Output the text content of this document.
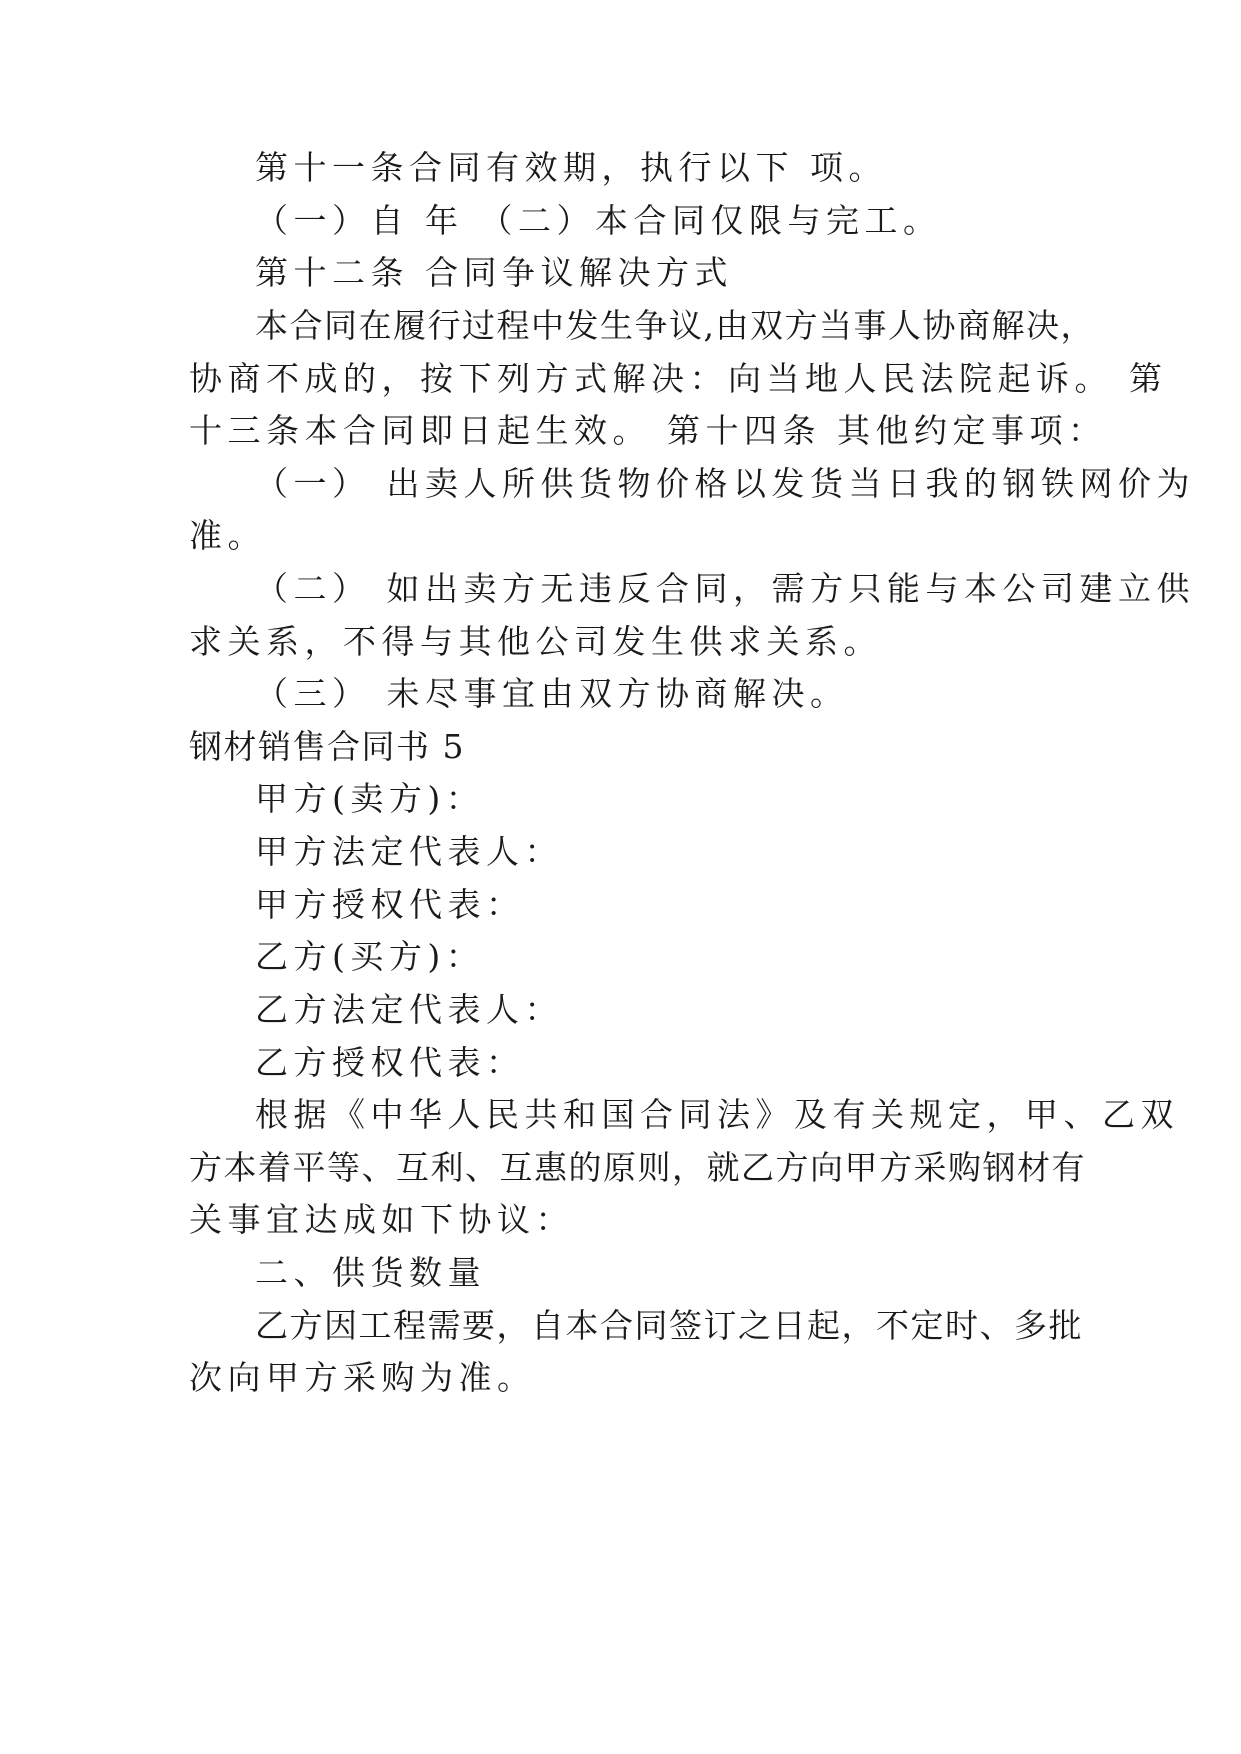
第十一条合同有效期，执行以下 项。
（一）自 年 （二）本合同仅限与完工。
第十二条 合同争议解决方式
本合同在履行过程中发生争议,由双方当事人协商解决，
协商不成的，按下列方式解决：向当地人民法院起诉。 第
十三条本合同即日起生效。 第十四条 其他约定事项：
（一） 出卖人所供货物价格以发货当日我的钢铁网价为
准。
（二） 如出卖方无违反合同，需方只能与本公司建立供
求关系，不得与其他公司发生供求关系。
（三） 未尽事宜由双方协商解决。
钢材销售合同书 5
甲方(卖方)：
甲方法定代表人：
甲方授权代表：
乙方(买方)：
乙方法定代表人：
乙方授权代表：
根据《中华人民共和国合同法》及有关规定，甲、乙双
方本着平等、互利、互惠的原则，就乙方向甲方采购钢材有
关事宜达成如下协议：
二、供货数量
乙方因工程需要，自本合同签订之日起，不定时、多批
次向甲方采购为准。
